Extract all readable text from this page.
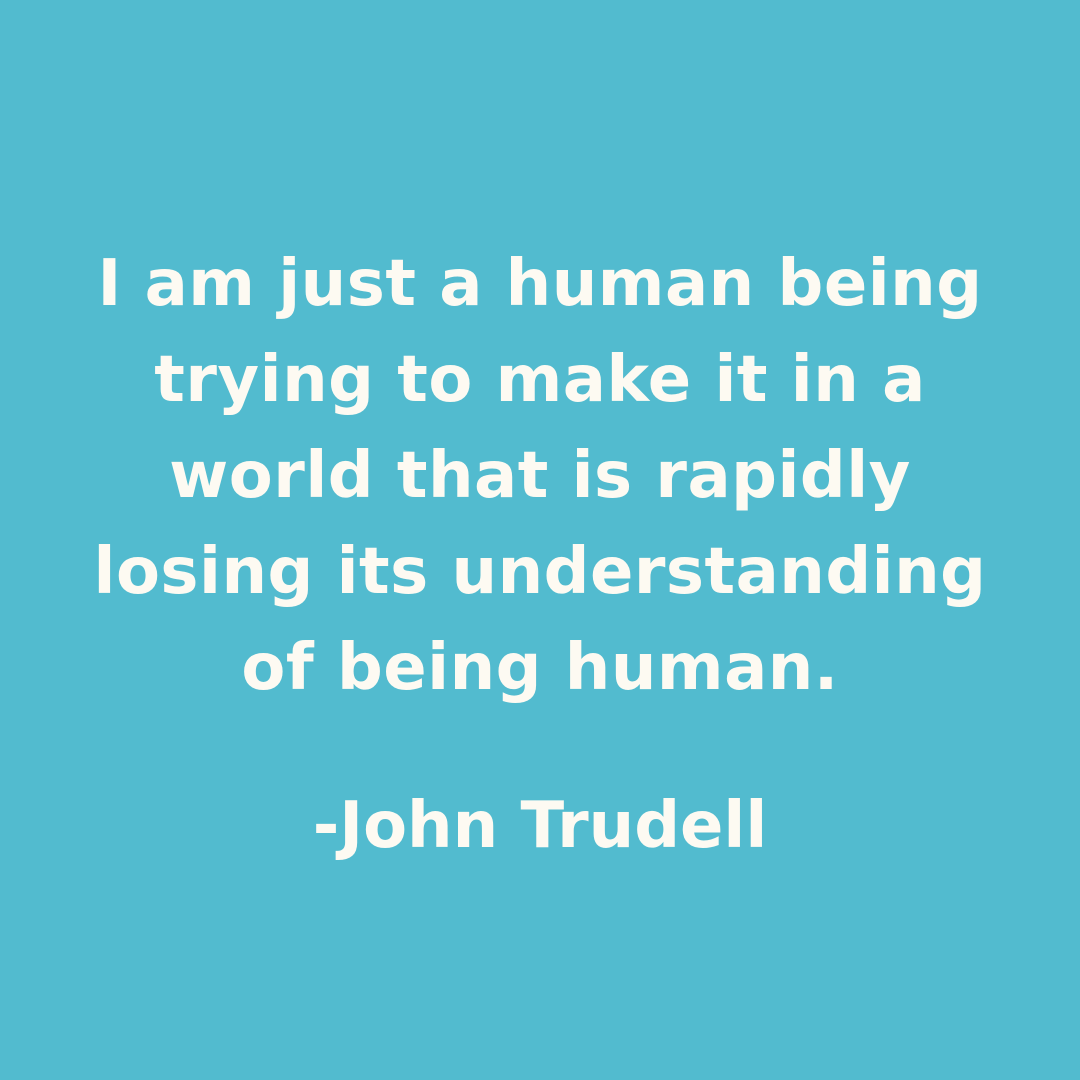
I am just a human being
trying to make it in a
world that is rapidly
losing its understanding
of being human.
-John Trudell
